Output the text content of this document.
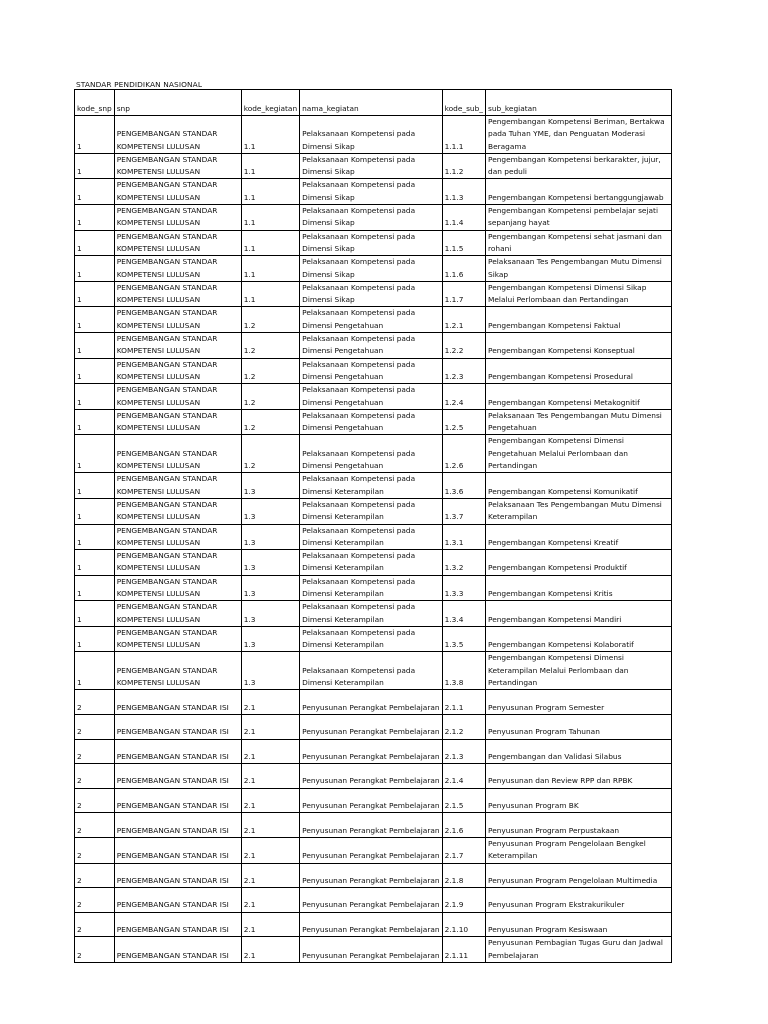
STANDAR PENDIDIKAN NASIONAL
kode_snp	snp	kode_kegiatan	nama_kegiatan	kode_sub_	sub_kegiatan
1	PENGEMBANGAN STANDAR KOMPETENSI LULUSAN	1.1	Pelaksanaan Kompetensi pada Dimensi Sikap	1.1.1	Pengembangan Kompetensi Beriman, Bertakwa pada Tuhan YME, dan Penguatan Moderasi Beragama
1	PENGEMBANGAN STANDAR KOMPETENSI LULUSAN	1.1	Pelaksanaan Kompetensi pada Dimensi Sikap	1.1.2	Pengembangan Kompetensi berkarakter, jujur, dan peduli
1	PENGEMBANGAN STANDAR KOMPETENSI LULUSAN	1.1	Pelaksanaan Kompetensi pada Dimensi Sikap	1.1.3	Pengembangan Kompetensi bertanggungjawab
1	PENGEMBANGAN STANDAR KOMPETENSI LULUSAN	1.1	Pelaksanaan Kompetensi pada Dimensi Sikap	1.1.4	Pengembangan Kompetensi pembelajar sejati sepanjang hayat
1	PENGEMBANGAN STANDAR KOMPETENSI LULUSAN	1.1	Pelaksanaan Kompetensi pada Dimensi Sikap	1.1.5	Pengembangan Kompetensi sehat jasmani dan rohani
1	PENGEMBANGAN STANDAR KOMPETENSI LULUSAN	1.1	Pelaksanaan Kompetensi pada Dimensi Sikap	1.1.6	Pelaksanaan Tes Pengembangan Mutu Dimensi Sikap
1	PENGEMBANGAN STANDAR KOMPETENSI LULUSAN	1.1	Pelaksanaan Kompetensi pada Dimensi Sikap	1.1.7	Pengembangan Kompetensi Dimensi Sikap Melalui Perlombaan dan Pertandingan
1	PENGEMBANGAN STANDAR KOMPETENSI LULUSAN	1.2	Pelaksanaan Kompetensi pada Dimensi Pengetahuan	1.2.1	Pengembangan Kompetensi Faktual
1	PENGEMBANGAN STANDAR KOMPETENSI LULUSAN	1.2	Pelaksanaan Kompetensi pada Dimensi Pengetahuan	1.2.2	Pengembangan Kompetensi Konseptual
1	PENGEMBANGAN STANDAR KOMPETENSI LULUSAN	1.2	Pelaksanaan Kompetensi pada Dimensi Pengetahuan	1.2.3	Pengembangan Kompetensi Prosedural
1	PENGEMBANGAN STANDAR KOMPETENSI LULUSAN	1.2	Pelaksanaan Kompetensi pada Dimensi Pengetahuan	1.2.4	Pengembangan Kompetensi Metakognitif
1	PENGEMBANGAN STANDAR KOMPETENSI LULUSAN	1.2	Pelaksanaan Kompetensi pada Dimensi Pengetahuan	1.2.5	Pelaksanaan Tes Pengembangan Mutu Dimensi Pengetahuan
1	PENGEMBANGAN STANDAR KOMPETENSI LULUSAN	1.2	Pelaksanaan Kompetensi pada Dimensi Pengetahuan	1.2.6	Pengembangan Kompetensi Dimensi Pengetahuan Melalui Perlombaan dan Pertandingan
1	PENGEMBANGAN STANDAR KOMPETENSI LULUSAN	1.3	Pelaksanaan Kompetensi pada Dimensi Keterampilan	1.3.6	Pengembangan Kompetensi Komunikatif
1	PENGEMBANGAN STANDAR KOMPETENSI LULUSAN	1.3	Pelaksanaan Kompetensi pada Dimensi Keterampilan	1.3.7	Pelaksanaan Tes Pengembangan Mutu Dimensi Keterampilan
1	PENGEMBANGAN STANDAR KOMPETENSI LULUSAN	1.3	Pelaksanaan Kompetensi pada Dimensi Keterampilan	1.3.1	Pengembangan Kompetensi Kreatif
1	PENGEMBANGAN STANDAR KOMPETENSI LULUSAN	1.3	Pelaksanaan Kompetensi pada Dimensi Keterampilan	1.3.2	Pengembangan Kompetensi Produktif
1	PENGEMBANGAN STANDAR KOMPETENSI LULUSAN	1.3	Pelaksanaan Kompetensi pada Dimensi Keterampilan	1.3.3	Pengembangan Kompetensi Kritis
1	PENGEMBANGAN STANDAR KOMPETENSI LULUSAN	1.3	Pelaksanaan Kompetensi pada Dimensi Keterampilan	1.3.4	Pengembangan Kompetensi Mandiri
1	PENGEMBANGAN STANDAR KOMPETENSI LULUSAN	1.3	Pelaksanaan Kompetensi pada Dimensi Keterampilan	1.3.5	Pengembangan Kompetensi Kolaboratif
1	PENGEMBANGAN STANDAR KOMPETENSI LULUSAN	1.3	Pelaksanaan Kompetensi pada Dimensi Keterampilan	1.3.8	Pengembangan Kompetensi Dimensi Keterampilan Melalui Perlombaan dan Pertandingan
2	PENGEMBANGAN STANDAR ISI	2.1	Penyusunan Perangkat Pembelajaran	2.1.1	Penyusunan Program Semester
2	PENGEMBANGAN STANDAR ISI	2.1	Penyusunan Perangkat Pembelajaran	2.1.2	Penyusunan Program Tahunan
2	PENGEMBANGAN STANDAR ISI	2.1	Penyusunan Perangkat Pembelajaran	2.1.3	Pengembangan dan Validasi Silabus
2	PENGEMBANGAN STANDAR ISI	2.1	Penyusunan Perangkat Pembelajaran	2.1.4	Penyusunan dan Review RPP dan RPBK
2	PENGEMBANGAN STANDAR ISI	2.1	Penyusunan Perangkat Pembelajaran	2.1.5	Penyusunan Program BK
2	PENGEMBANGAN STANDAR ISI	2.1	Penyusunan Perangkat Pembelajaran	2.1.6	Penyusunan Program Perpustakaan
2	PENGEMBANGAN STANDAR ISI	2.1	Penyusunan Perangkat Pembelajaran	2.1.7	Penyusunan Program Pengelolaan Bengkel Keterampilan
2	PENGEMBANGAN STANDAR ISI	2.1	Penyusunan Perangkat Pembelajaran	2.1.8	Penyusunan Program Pengelolaan Multimedia
2	PENGEMBANGAN STANDAR ISI	2.1	Penyusunan Perangkat Pembelajaran	2.1.9	Penyusunan Program Ekstrakurikuler
2	PENGEMBANGAN STANDAR ISI	2.1	Penyusunan Perangkat Pembelajaran	2.1.10	Penyusunan Program Kesiswaan
2	PENGEMBANGAN STANDAR ISI	2.1	Penyusunan Perangkat Pembelajaran	2.1.11	Penyusunan Pembagian Tugas Guru dan Jadwal Pembelajaran
